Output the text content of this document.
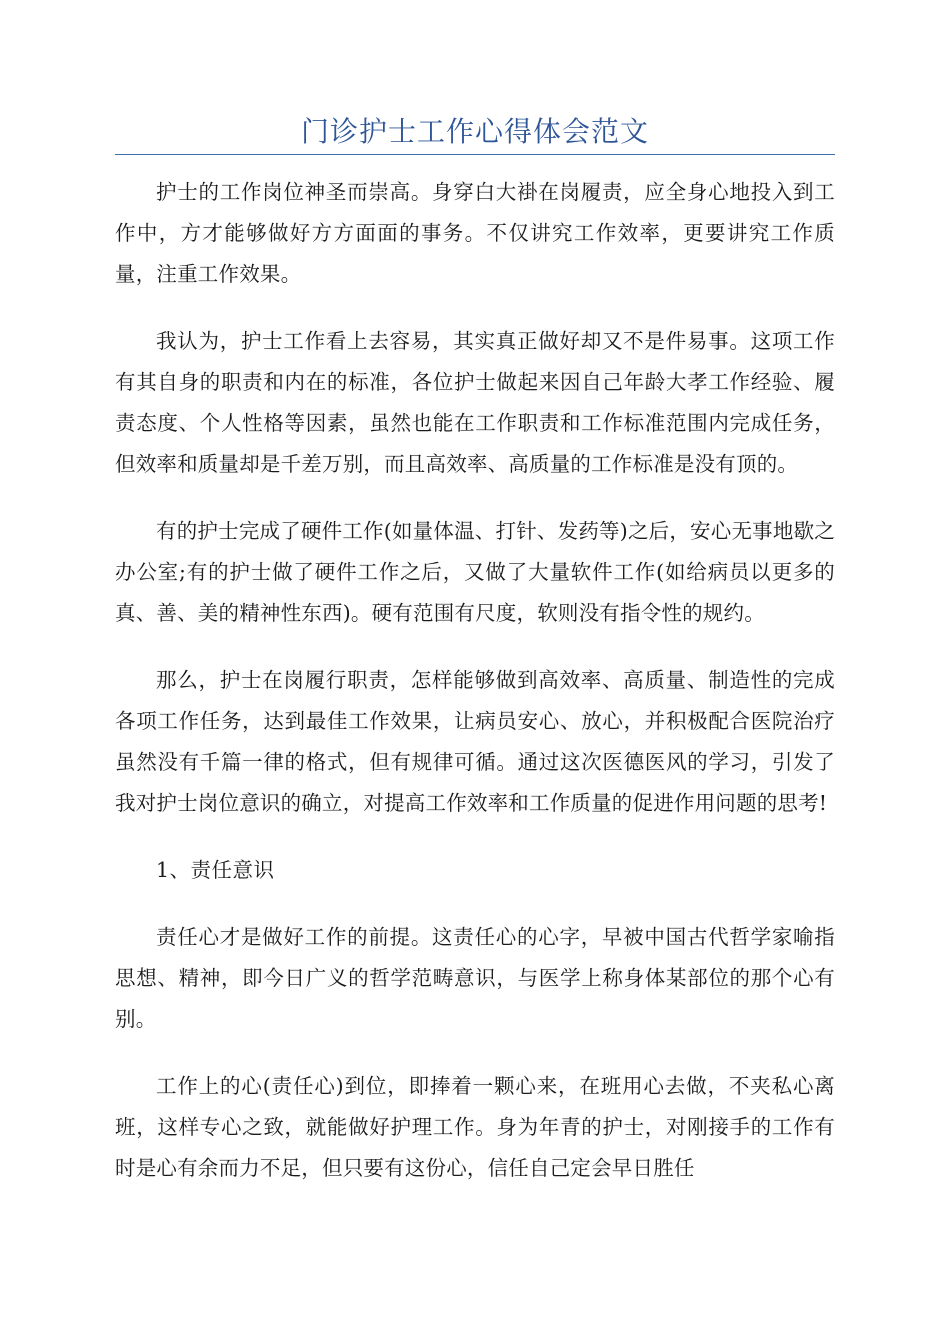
门诊护士工作心得体会范文

护士的工作岗位神圣而崇高。身穿白大褂在岗履责，应全身心地投入到工作中，方才能够做好方方面面的事务。不仅讲究工作效率，更要讲究工作质量，注重工作效果。

我认为，护士工作看上去容易，其实真正做好却又不是件易事。这项工作有其自身的职责和内在的标准，各位护士做起来因自己年龄大孝工作经验、履责态度、个人性格等因素，虽然也能在工作职责和工作标准范围内完成任务，但效率和质量却是千差万别，而且高效率、高质量的工作标准是没有顶的。

有的护士完成了硬件工作(如量体温、打针、发药等)之后，安心无事地歇之办公室;有的护士做了硬件工作之后，又做了大量软件工作(如给病员以更多的真、善、美的精神性东西)。硬有范围有尺度，软则没有指令性的规约。

那么，护士在岗履行职责，怎样能够做到高效率、高质量、制造性的完成各项工作任务，达到最佳工作效果，让病员安心、放心，并积极配合医院治疗虽然没有千篇一律的格式，但有规律可循。通过这次医德医风的学习，引发了我对护士岗位意识的确立，对提高工作效率和工作质量的促进作用问题的思考!

1、责任意识

责任心才是做好工作的前提。这责任心的心字，早被中国古代哲学家喻指思想、精神，即今日广义的哲学范畴意识，与医学上称身体某部位的那个心有别。

工作上的心(责任心)到位，即捧着一颗心来，在班用心去做，不夹私心离班，这样专心之致，就能做好护理工作。身为年青的护士，对刚接手的工作有时是心有余而力不足，但只要有这份心，信任自己定会早日胜任
